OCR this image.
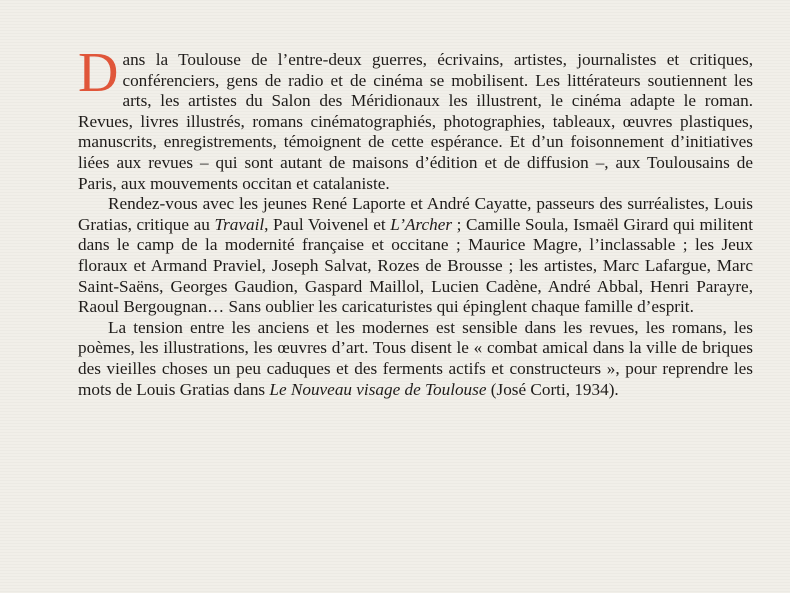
Dans la Toulouse de l’entre-deux guerres, écrivains, artistes, journalistes et critiques, conférenciers, gens de radio et de cinéma se mobilisent. Les littérateurs soutiennent les arts, les artistes du Salon des Méridionaux les illustrent, le cinéma adapte le roman. Revues, livres illustrés, romans cinématographiés, photographies, tableaux, œuvres plastiques, manuscrits, enregistrements, témoignent de cette espérance. Et d’un foisonnement d’initiatives liées aux revues – qui sont autant de maisons d’édition et de diffusion –, aux Toulousains de Paris, aux mouvements occitan et catalaniste.

Rendez-vous avec les jeunes René Laporte et André Cayatte, passeurs des surréalistes, Louis Gratias, critique au Travail, Paul Voivenel et L’Archer ; Camille Soula, Ismaël Girard qui militent dans le camp de la modernité française et occitane ; Maurice Magre, l’inclassable ; les Jeux floraux et Armand Praviel, Joseph Salvat, Rozes de Brousse ; les artistes, Marc Lafargue, Marc Saint-Saëns, Georges Gaudion, Gaspard Maillol, Lucien Cadène, André Abbal, Henri Parayre, Raoul Bergougnan… Sans oublier les caricaturistes qui épinglent chaque famille d’esprit.

La tension entre les anciens et les modernes est sensible dans les revues, les romans, les poèmes, les illustrations, les œuvres d’art. Tous disent le « combat amical dans la ville de briques des vieilles choses un peu caduques et des ferments actifs et constructeurs », pour reprendre les mots de Louis Gratias dans Le Nouveau visage de Toulouse (José Corti, 1934).
